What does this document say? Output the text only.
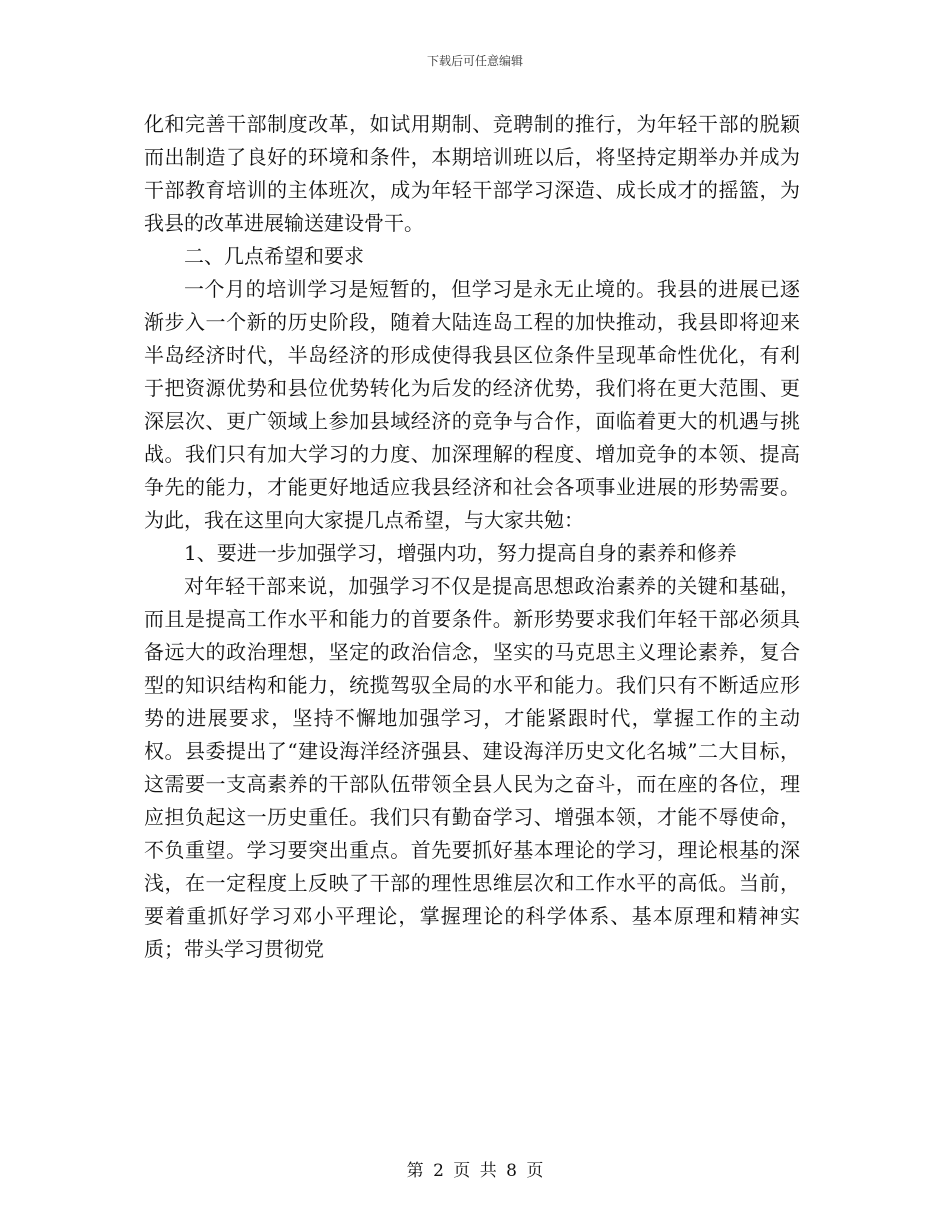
下载后可任意编辑

化和完善干部制度改革，如试用期制、竞聘制的推行，为年轻干部的脱颖而出制造了良好的环境和条件，本期培训班以后，将坚持定期举办并成为干部教育培训的主体班次，成为年轻干部学习深造、成长成才的摇篮，为我县的改革进展输送建设骨干。

二、几点希望和要求

一个月的培训学习是短暂的，但学习是永无止境的。我县的进展已逐渐步入一个新的历史阶段，随着大陆连岛工程的加快推动，我县即将迎来半岛经济时代，半岛经济的形成使得我县区位条件呈现革命性优化，有利于把资源优势和县位优势转化为后发的经济优势，我们将在更大范围、更深层次、更广领域上参加县域经济的竞争与合作，面临着更大的机遇与挑战。我们只有加大学习的力度、加深理解的程度、增加竞争的本领、提高争先的能力，才能更好地适应我县经济和社会各项事业进展的形势需要。为此，我在这里向大家提几点希望，与大家共勉：

1、要进一步加强学习，增强内功，努力提高自身的素养和修养

对年轻干部来说，加强学习不仅是提高思想政治素养的关键和基础，而且是提高工作水平和能力的首要条件。新形势要求我们年轻干部必须具备远大的政治理想，坚定的政治信念，坚实的马克思主义理论素养，复合型的知识结构和能力，统揽驾驭全局的水平和能力。我们只有不断适应形势的进展要求，坚持不懈地加强学习，才能紧跟时代，掌握工作的主动权。县委提出了“建设海洋经济强县、建设海洋历史文化名城”二大目标，这需要一支高素养的干部队伍带领全县人民为之奋斗，而在座的各位，理应担负起这一历史重任。我们只有勤奋学习、增强本领，才能不辱使命，不负重望。学习要突出重点。首先要抓好基本理论的学习，理论根基的深浅，在一定程度上反映了干部的理性思维层次和工作水平的高低。当前，要着重抓好学习邓小平理论，掌握理论的科学体系、基本原理和精神实质；带头学习贯彻党

第 2 页 共 8 页
